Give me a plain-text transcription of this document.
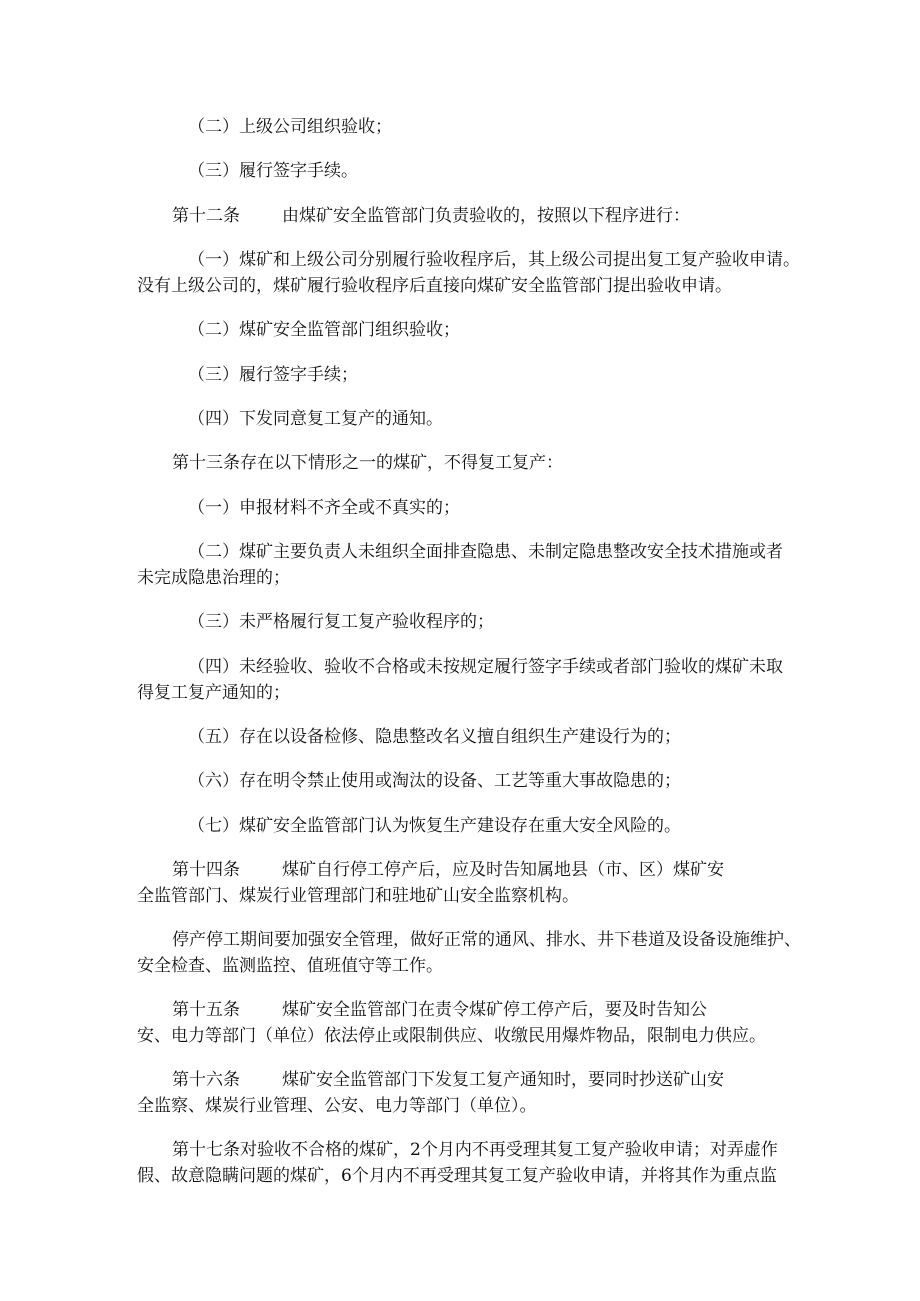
（二）上级公司组织验收；
（三）履行签字手续。
第十二条 由煤矿安全监管部门负责验收的，按照以下程序进行：
（一）煤矿和上级公司分别履行验收程序后，其上级公司提出复工复产验收申请。
没有上级公司的，煤矿履行验收程序后直接向煤矿安全监管部门提出验收申请。
（二）煤矿安全监管部门组织验收；
（三）履行签字手续；
（四）下发同意复工复产的通知。
第十三条存在以下情形之一的煤矿，不得复工复产：
（一）申报材料不齐全或不真实的；
（二）煤矿主要负责人未组织全面排查隐患、未制定隐患整改安全技术措施或者
未完成隐患治理的；
（三）未严格履行复工复产验收程序的；
（四）未经验收、验收不合格或未按规定履行签字手续或者部门验收的煤矿未取
得复工复产通知的；
（五）存在以设备检修、隐患整改名义擅自组织生产建设行为的；
（六）存在明令禁止使用或淘汰的设备、工艺等重大事故隐患的；
（七）煤矿安全监管部门认为恢复生产建设存在重大安全风险的。
第十四条 煤矿自行停工停产后，应及时告知属地县（市、区）煤矿安
全监管部门、煤炭行业管理部门和驻地矿山安全监察机构。
停产停工期间要加强安全管理，做好正常的通风、排水、井下巷道及设备设施维护、
安全检查、监测监控、值班值守等工作。
第十五条 煤矿安全监管部门在责令煤矿停工停产后，要及时告知公
安、电力等部门（单位）依法停止或限制供应、收缴民用爆炸物品，限制电力供应。
第十六条 煤矿安全监管部门下发复工复产通知时，要同时抄送矿山安
全监察、煤炭行业管理、公安、电力等部门（单位）。
第十七条对验收不合格的煤矿，2个月内不再受理其复工复产验收申请；对弄虚作
假、故意隐瞒问题的煤矿，6个月内不再受理其复工复产验收申请，并将其作为重点监
